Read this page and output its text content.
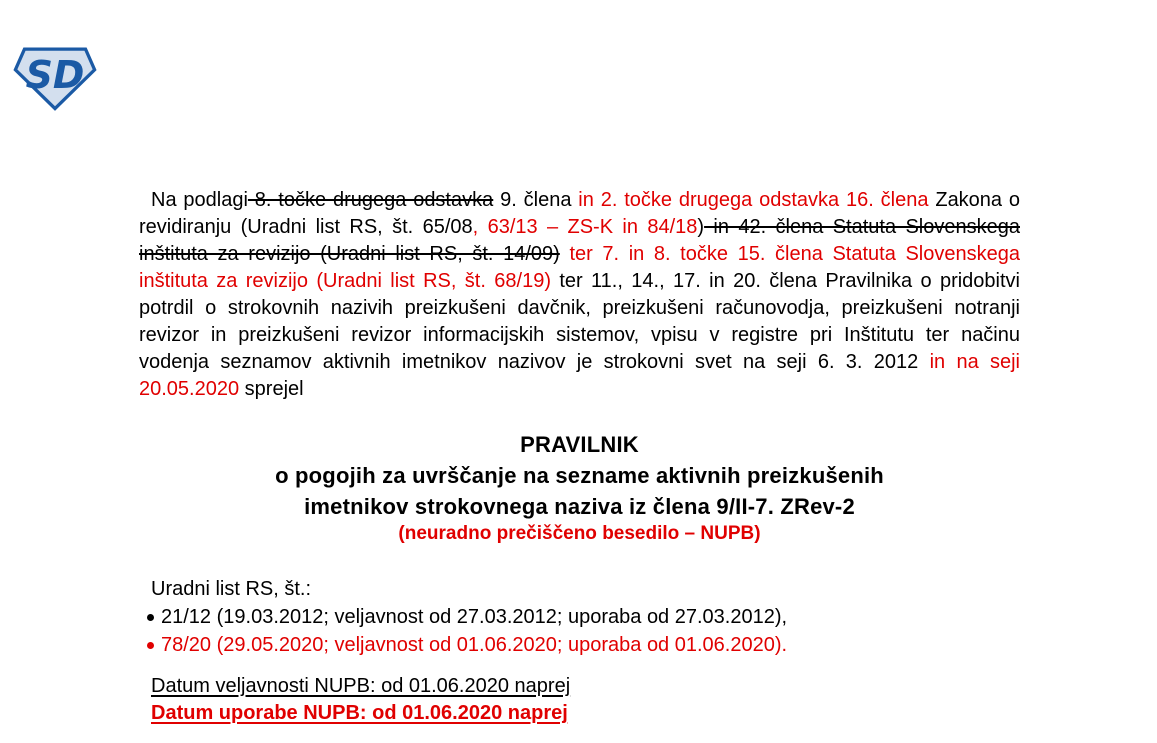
SD

Na podlagi 8. točke drugega odstavka 9. člena in 2. točke drugega odstavka 16. člena Zakona o revidiranju (Uradni list RS, št. 65/08, 63/13 – ZS-K in 84/18) in 42. člena Statuta Slovenskega inštituta za revizijo (Uradni list RS, št. 14/09) ter 7. in 8. točke 15. člena Statuta Slovenskega inštituta za revizijo (Uradni list RS, št. 68/19) ter 11., 14., 17. in 20. člena Pravilnika o pridobitvi potrdil o strokovnih nazivih preizkušeni davčnik, preizkušeni računovodja, preizkušeni notranji revizor in preizkušeni revizor informacijskih sistemov, vpisu v registre pri Inštitutu ter načinu vodenja seznamov aktivnih imetnikov nazivov je strokovni svet na seji 6. 3. 2012 in na seji 20.05.2020 sprejel

PRAVILNIK
o pogojih za uvrščanje na sezname aktivnih preizkušenih
imetnikov strokovnega naziva iz člena 9/II-7. ZRev-2
(neuradno prečiščeno besedilo – NUPB)
Uradni list RS, št.:
21/12 (19.03.2012; veljavnost od 27.03.2012; uporaba od 27.03.2012),
78/20 (29.05.2020; veljavnost od 01.06.2020; uporaba od 01.06.2020).
Datum veljavnosti NUPB: od 01.06.2020 naprej
Datum uporabe NUPB: od 01.06.2020 naprej
